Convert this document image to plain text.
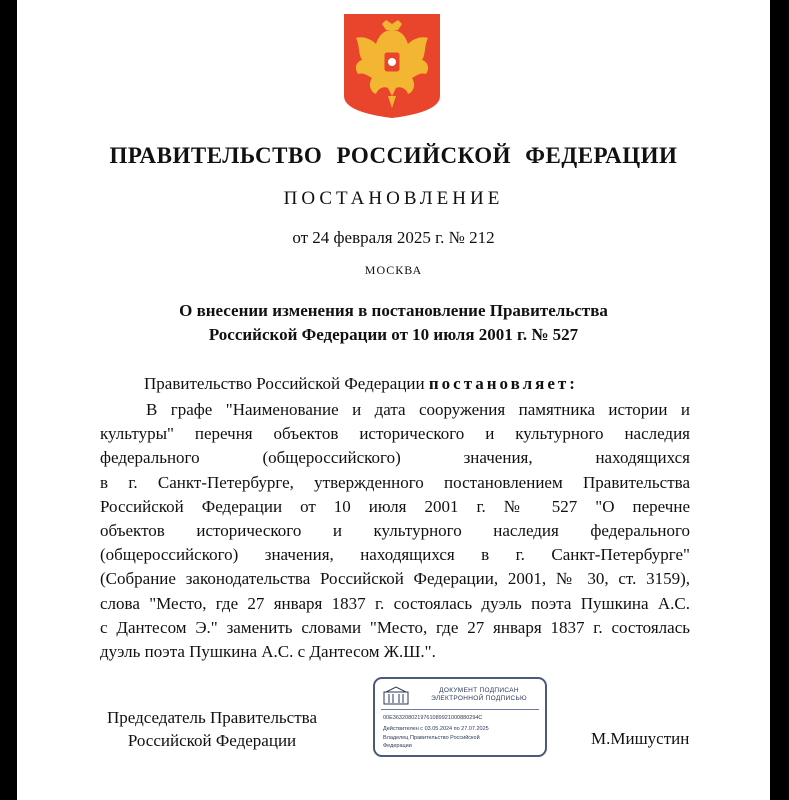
ПРАВИТЕЛЬСТВО РОССИЙСКОЙ ФЕДЕРАЦИИ
ПОСТАНОВЛЕНИЕ
от 24 февраля 2025 г. № 212
МОСКВА
О внесении изменения в постановление Правительства
Российской Федерации от 10 июля 2001 г. № 527
Правительство Российской Федерации постановляет:
В графе "Наименование и дата сооружения памятника истории и
культуры" перечня объектов исторического и культурного наследия
федерального (общероссийского) значения, находящихся
в г. Санкт-Петербурге, утвержденного постановлением Правительства
Российской Федерации от 10 июля 2001 г. № 527 "О перечне
объектов исторического и культурного наследия федерального
(общероссийского) значения, находящихся в г. Санкт-Петербурге"
(Собрание законодательства Российской Федерации, 2001, № 30, ст. 3159),
слова "Место, где 27 января 1837 г. состоялась дуэль поэта Пушкина А.С.
с Дантесом Э." заменить словами "Место, где 27 января 1837 г. состоялась
дуэль поэта Пушкина А.С. с Дантесом Ж.Ш.".
Председатель Правительства
Российской Федерации
ДОКУМЕНТ ПОДПИСАН
ЭЛЕКТРОННОЙ ПОДПИСЬЮ
00E3632080219761089921000880294C
Действителен с 03.05.2024 по 27.07.2025
Владелец Правительство Российской
Федерации	М.Мишустин
